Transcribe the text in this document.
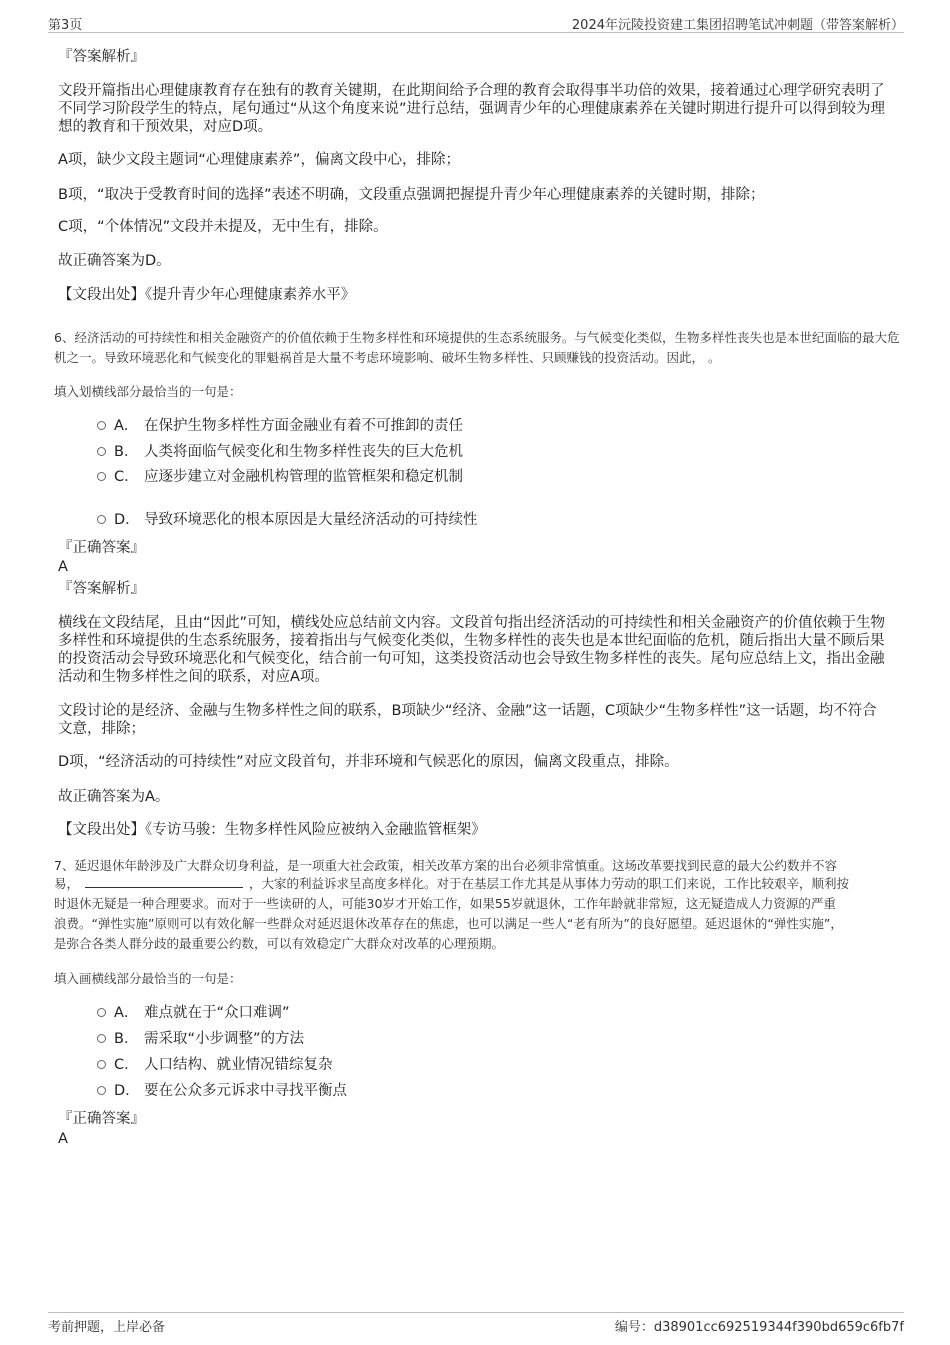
第3页	2024年沅陵投资建工集团招聘笔试冲刺题（带答案解析）
『答案解析』
文段开篇指出心理健康教育存在独有的教育关键期，在此期间给予合理的教育会取得事半功倍的效果，接着通过心理学研究表明了不同学习阶段学生的特点，尾句通过“从这个角度来说”进行总结，强调青少年的心理健康素养在关键时期进行提升可以得到较为理想的教育和干预效果，对应D项。
A项，缺少文段主题词“心理健康素养”，偏离文段中心，排除；
B项，“取决于受教育时间的选择”表述不明确，文段重点强调把握提升青少年心理健康素养的关键时期，排除；
C项，“个体情况”文段并未提及，无中生有，排除。
故正确答案为D。
【文段出处】《提升青少年心理健康素养水平》
6、经济活动的可持续性和相关金融资产的价值依赖于生物多样性和环境提供的生态系统服务。与气候变化类似，生物多样性丧失也是本世纪面临的最大危机之一。导致环境恶化和气候变化的罪魁祸首是大量不考虑环境影响、破坏生物多样性、只顾赚钱的投资活动。因此， 。
填入划横线部分最恰当的一句是：
A． 在保护生物多样性方面金融业有着不可推卸的责任
B． 人类将面临气候变化和生物多样性丧失的巨大危机
C． 应逐步建立对金融机构管理的监管框架和稳定机制
D． 导致环境恶化的根本原因是大量经济活动的可持续性
『正确答案』
A
『答案解析』
横线在文段结尾，且由“因此”可知，横线处应总结前文内容。文段首句指出经济活动的可持续性和相关金融资产的价值依赖于生物多样性和环境提供的生态系统服务，接着指出与气候变化类似，生物多样性的丧失也是本世纪面临的危机，随后指出大量不顾后果的投资活动会导致环境恶化和气候变化，结合前一句可知，这类投资活动也会导致生物多样性的丧失。尾句应总结上文，指出金融活动和生物多样性之间的联系，对应A项。
文段讨论的是经济、金融与生物多样性之间的联系，B项缺少“经济、金融”这一话题，C项缺少“生物多样性”这一话题，均不符合文意，排除；
D项，“经济活动的可持续性”对应文段首句，并非环境和气候恶化的原因，偏离文段重点，排除。
故正确答案为A。
【文段出处】《专访马骏：生物多样性风险应被纳入金融监管框架》
7、延迟退休年龄涉及广大群众切身利益，是一项重大社会政策，相关改革方案的出台必须非常慎重。这场改革要找到民意的最大公约数并不容
易，	，大家的利益诉求呈高度多样化。对于在基层工作尤其是从事体力劳动的职工们来说，工作比较艰辛，顺利按
时退休无疑是一种合理要求。而对于一些读研的人，可能30岁才开始工作，如果55岁就退休，工作年龄就非常短，这无疑造成人力资源的严重
浪费。“弹性实施”原则可以有效化解一些群众对延迟退休改革存在的焦虑，也可以满足一些人“老有所为”的良好愿望。延迟退休的“弹性实施”，
是弥合各类人群分歧的最重要公约数，可以有效稳定广大群众对改革的心理预期。
填入画横线部分最恰当的一句是：
A． 难点就在于“众口难调”
B． 需采取“小步调整”的方法
C． 人口结构、就业情况错综复杂
D． 要在公众多元诉求中寻找平衡点
『正确答案』
A
考前押题，上岸必备	编号：d38901cc692519344f390bd659c6fb7f
